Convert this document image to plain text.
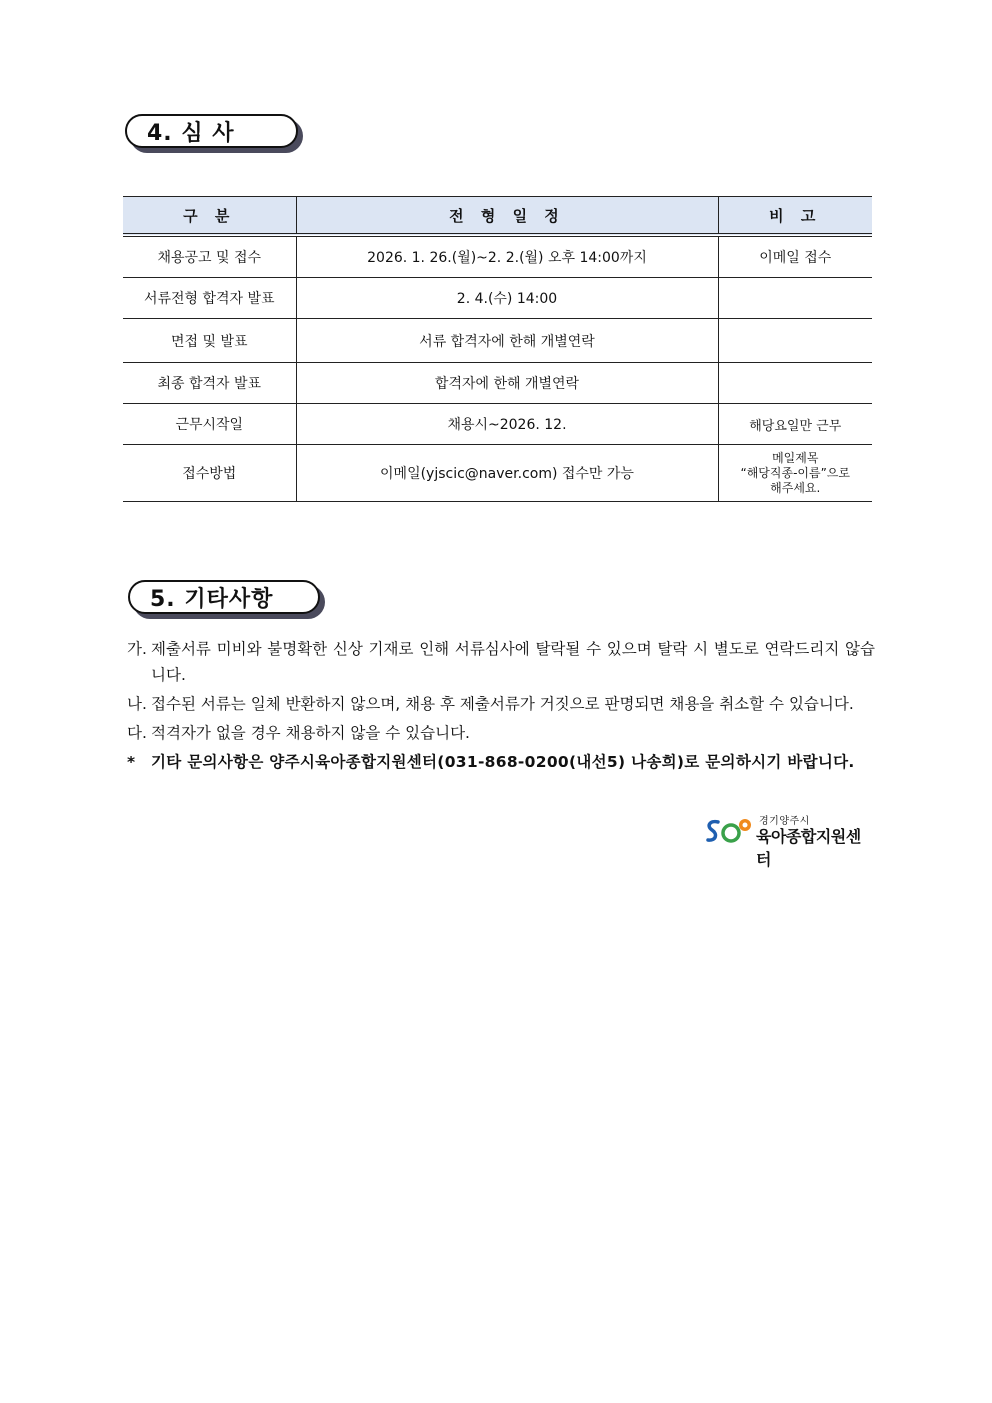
4. 심 사
구 분	전 형 일 정	비 고
채용공고 및 접수	2026. 1. 26.(월)~2. 2.(월) 오후 14:00까지	이메일 접수
서류전형 합격자 발표	2. 4.(수) 14:00	
면접 및 발표	서류 합격자에 한해 개별연락	
최종 합격자 발표	합격자에 한해 개별연락	
근무시작일	채용시~2026. 12.	해당요일만 근무
접수방법	이메일(yjscic@naver.com) 접수만 가능	메일제목
“해당직종-이름”으로
해주세요.
5. 기타사항
가. 제출서류 미비와 불명확한 신상 기재로 인해 서류심사에 탈락될 수 있으며 탈락 시 별도로 연락드리지 않습니다.
나. 접수된 서류는 일체 반환하지 않으며, 채용 후 제출서류가 거짓으로 판명되면 채용을 취소할 수 있습니다.
다. 적격자가 없을 경우 채용하지 않을 수 있습니다.
*	기타 문의사항은 양주시육아종합지원센터(031-868-0200(내선5) 나송희)로 문의하시기 바랍니다.
경기양주시
육아종합지원센터
